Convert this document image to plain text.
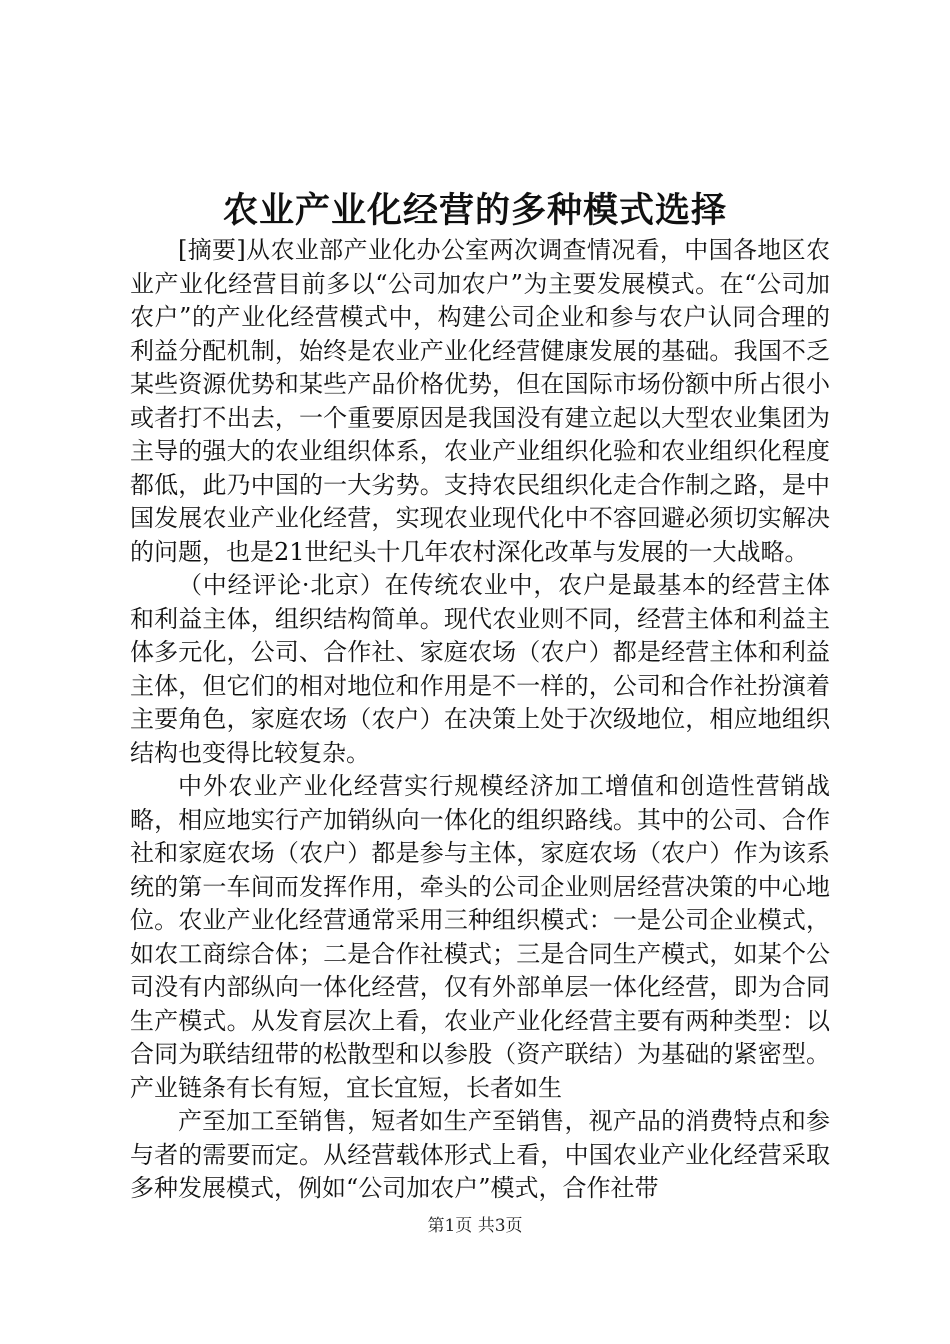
农业产业化经营的多种模式选择

[摘要]从农业部产业化办公室两次调查情况看，中国各地区农业产业化经营目前多以“公司加农户”为主要发展模式。在“公司加农户”的产业化经营模式中，构建公司企业和参与农户认同合理的利益分配机制，始终是农业产业化经营健康发展的基础。我国不乏某些资源优势和某些产品价格优势，但在国际市场份额中所占很小或者打不出去，一个重要原因是我国没有建立起以大型农业集团为主导的强大的农业组织体系，农业产业组织化验和农业组织化程度都低，此乃中国的一大劣势。支持农民组织化走合作制之路，是中国发展农业产业化经营，实现农业现代化中不容回避必须切实解决的问题，也是21世纪头十几年农村深化改革与发展的一大战略。

（中经评论·北京）在传统农业中，农户是最基本的经营主体和利益主体，组织结构简单。现代农业则不同，经营主体和利益主体多元化，公司、合作社、家庭农场（农户）都是经营主体和利益主体，但它们的相对地位和作用是不一样的，公司和合作社扮演着主要角色，家庭农场（农户）在决策上处于次级地位，相应地组织结构也变得比较复杂。

中外农业产业化经营实行规模经济加工增值和创造性营销战略，相应地实行产加销纵向一体化的组织路线。其中的公司、合作社和家庭农场（农户）都是参与主体，家庭农场（农户）作为该系统的第一车间而发挥作用，牵头的公司企业则居经营决策的中心地位。农业产业化经营通常采用三种组织模式：一是公司企业模式，如农工商综合体；二是合作社模式；三是合同生产模式，如某个公司没有内部纵向一体化经营，仅有外部单层一体化经营，即为合同生产模式。从发育层次上看，农业产业化经营主要有两种类型：以合同为联结纽带的松散型和以参股（资产联结）为基础的紧密型。产业链条有长有短，宜长宜短，长者如生

产至加工至销售，短者如生产至销售，视产品的消费特点和参与者的需要而定。从经营载体形式上看，中国农业产业化经营采取多种发展模式，例如“公司加农户”模式，合作社带

第1页 共3页
